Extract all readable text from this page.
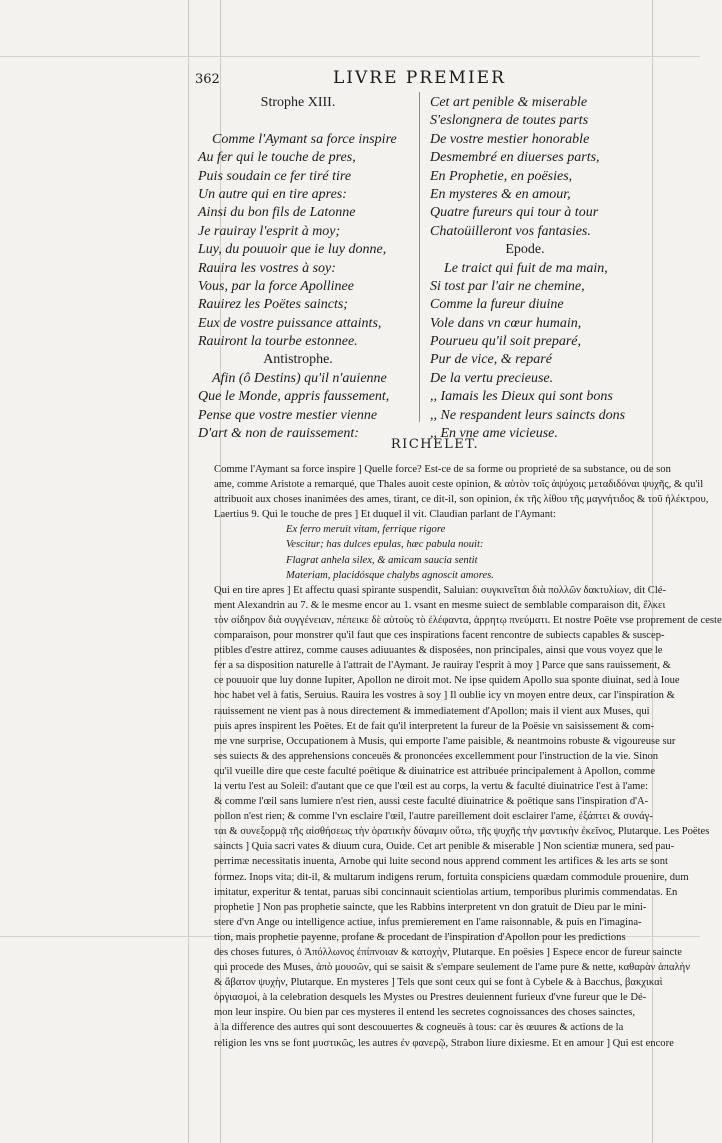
362	LIVRE PREMIER
Strophe XIII.
Comme l'Aymant sa force inspire
Au fer qui le touche de pres,
Puis soudain ce fer tiré tire
Un autre qui en tire apres:
Ainsi du bon fils de Latonne
Je rauiray l'esprit à moy;
Luy, du pouuoir que ie luy donne,
Rauira les vostres à soy:
Vous, par la force Apollinee
Rauirez les Poëtes saincts;
Eux de vostre puissance attaints,
Rauiront la tourbe estonnee.
Antistrophe.
Afin (ô Destins) qu'il n'auienne
Que le Monde, appris faussement,
Pense que vostre mestier vienne
D'art & non de rauissement:
Cet art penible & miserable
S'eslongnera de toutes parts
De vostre mestier honorable
Desmembré en diuerses parts,
En Prophetie, en poësies,
En mysteres & en amour,
Quatre fureurs qui tour à tour
Chatoüilleront vos fantasies.
Epode.
Le traict qui fuit de ma main,
Si tost par l'air ne chemine,
Comme la fureur diuine
Vole dans vn cœur humain,
Pourueu qu'il soit preparé,
Pur de vice, & reparé
De la vertu precieuse.
,, Iamais les Dieux qui sont bons
,, Ne respandent leurs saincts dons
,, En vne ame vicieuse.
RICHELET.
Comme l'Aymant sa force inspire ] Quelle force? Est-ce de sa forme ou proprieté de sa substance, ou de son
ame, comme Aristote a remarqué, que Thales auoit ceste opinion, & αὐτὸν τοῖς ἀψύχοις μεταδιδόναι ψυχῆς, & qu'il
attribuoit aux choses inanimées des ames, tirant, ce dit-il, son opinion, ἐκ τῆς λίθου τῆς μαγνήτιδος & τοῦ ἠλέκτρου,
Laertius 9. Qui le touche de pres ] Et duquel il vit. Claudian parlant de l'Aymant:
Ex ferro meruit vitam, ferrique rigore
Vescitur; has dulces epulas, hæc pabula nouit:
Flagrat anhela silex, & amicam saucia sentit
Materiam, placidósque chalybs agnoscit amores.
Qui en tire apres ] Et affectu quasi spirante suspendit, Saluian: συγκινεῖται διὰ πολλῶν δακτυλίων, dit Clé-
ment Alexandrin au 7. & le mesme encor au 1. vsant en mesme suiect de semblable comparaison dit, ἕλκει
τὸν σίδηρον διὰ συγγένειαν, πέπεικε δὲ αὐτοὺς τὸ ἐλέφαντα, ἀρρητῳ πνεύματι. Et nostre Poëte vse proprement de ceste
comparaison, pour monstrer qu'il faut que ces inspirations facent rencontre de subiects capables & suscep-
ptibles d'estre attirez, comme causes adiuuantes & disposées, non principales, ainsi que vous voyez que le
fer a sa disposition naturelle à l'attrait de l'Aymant. Je rauiray l'esprit à moy ] Parce que sans rauissement, &
ce pouuoir que luy donne Iupiter, Apollon ne diroit mot. Ne ipse quidem Apollo sua sponte diuinat, sed à Ioue
hoc habet vel à fatis, Seruius. Rauira les vostres à soy ] Il oublie icy vn moyen entre deux, car l'inspiration &
rauissement ne vient pas à nous directement & immediatement d'Apollon; mais il vient aux Muses, qui
puis apres inspirent les Poëtes. Et de fait qu'il interpretent la fureur de la Poësie vn saisissement & com-
me vne surprise, Occupationem à Musis, qui emporte l'ame paisible, & neantmoins robuste & vigoureuse sur
ses suiects & des apprehensions conceuës & prononcées excellemment pour l'instruction de la vie. Sinon
qu'il vueille dire que ceste faculté poëtique & diuinatrice est attribuée principalement à Apollon, comme
la vertu l'est au Soleil: d'autant que ce que l'œil est au corps, la vertu & faculté diuinatrice l'est à l'ame:
& comme l'œil sans lumiere n'est rien, aussi ceste faculté diuinatrice & poëtique sans l'inspiration d'A-
pollon n'est rien; & comme l'vn esclaire l'œil, l'autre pareillement doit esclairer l'ame, ἐξάπτει & συνάγ-
ται & συνεξορμᾷ τῆς αἰσθήσεως τὴν ὁρατικὴν δύναμιν οὕτω, τῆς ψυχῆς τὴν μαντικὴν ἐκεῖνος, Plutarque. Les Poëtes
saincts ] Quia sacri vates & diuum cura, Ouide. Cet art penible & miserable ] Non scientiæ munera, sed pau-
perrimæ necessitatis inuenta, Arnobe qui luite second nous apprend comment les artifices & les arts se sont
formez. Inops vita; dit-il, & multarum indigens rerum, fortuita conspiciens quædam commodule prouenire, dum
imitatur, experitur & tentat, paruas sibi concinnauit scientiolas artium, temporibus plurimis commendatas. En
prophetie ] Non pas prophetie saincte, que les Rabbins interpretent vn don gratuit de Dieu par le mini-
stere d'vn Ange ou intelligence actiue, infus premierement en l'ame raisonnable, & puis en l'imagina-
tion, mais prophetie payenne, profane & procedant de l'inspiration d'Apollon pour les predictions
des choses futures, ὁ Ἀπόλλωνος ἐπίπνοιαν & κατοχὴν, Plutarque. En poësies ] Espece encor de fureur saincte
qui procede des Muses, ἀπὸ μουσῶν, qui se saisit & s'empare seulement de l'ame pure & nette, καθαρὰν ἁπαλὴν
& ἄβατον ψυχὴν, Plutarque. En mysteres ] Tels que sont ceux qui se font à Cybele & à Bacchus, βακχικαὶ
ὀργιασμοὶ, à la celebration desquels les Mystes ou Prestres deuiennent furieux d'vne fureur que le Dé-
mon leur inspire. Ou bien par ces mysteres il entend les secretes cognoissances des choses sainctes,
à la difference des autres qui sont descouuertes & cogneuës à tous: car ès œuures & actions de la
religion les vns se font μυστικῶς, les autres ἐν φανερῷ, Strabon liure dixiesme. Et en amour ] Qui est encore
